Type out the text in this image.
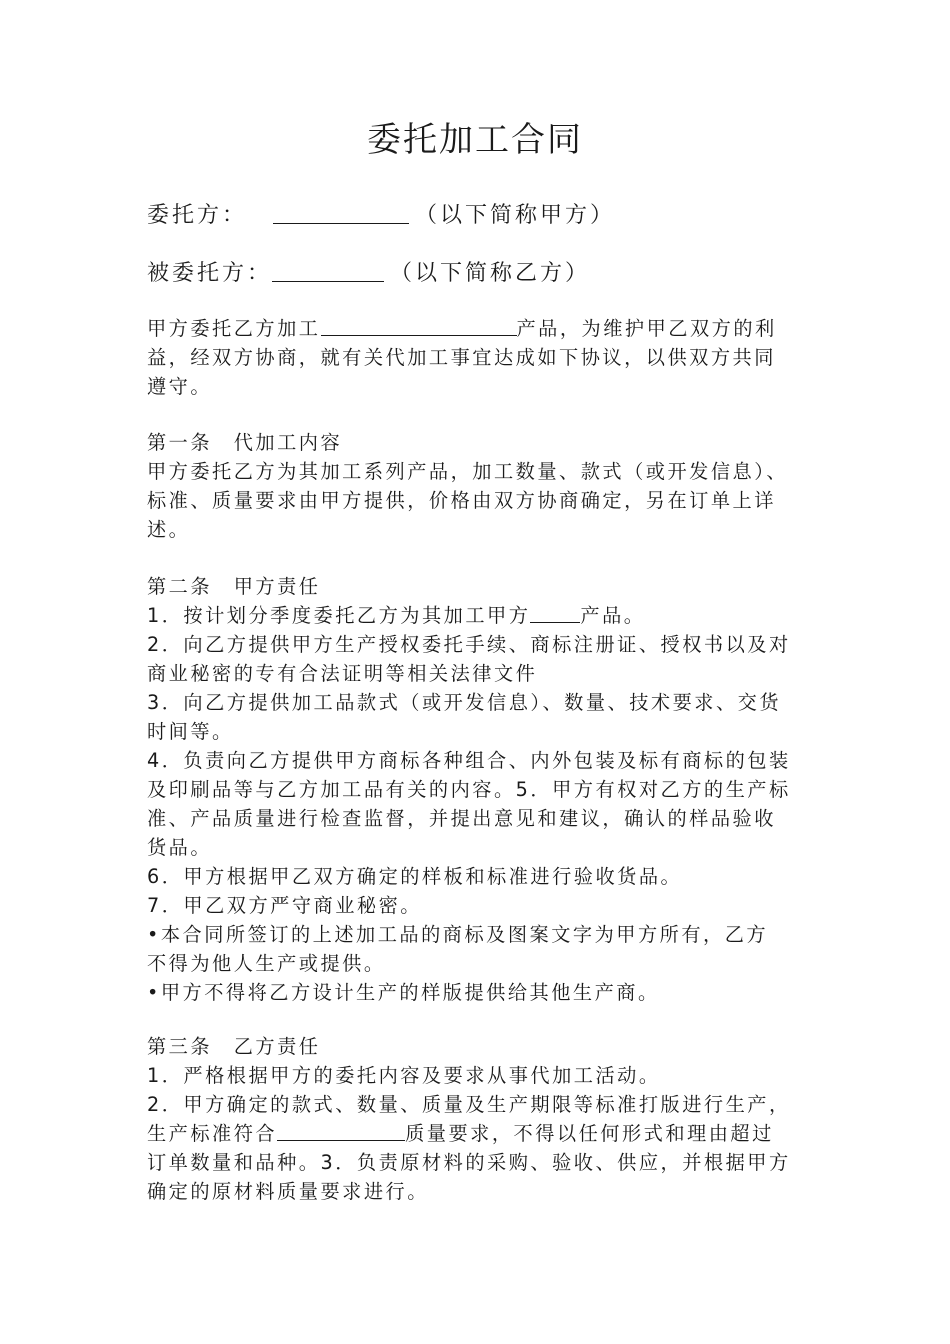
委托加工合同
委托方：	（以下简称甲方）
被委托方：	（以下简称乙方）
甲方委托乙方加工	产品，为维护甲乙双方的利
益，经双方协商，就有关代加工事宜达成如下协议，以供双方共同
遵守。
第一条　代加工内容
甲方委托乙方为其加工系列产品，加工数量、款式（或开发信息）、
标准、质量要求由甲方提供，价格由双方协商确定，另在订单上详
述。
第二条　甲方责任
1．按计划分季度委托乙方为其加工甲方	产品。
2．向乙方提供甲方生产授权委托手续、商标注册证、授权书以及对
商业秘密的专有合法证明等相关法律文件
3．向乙方提供加工品款式（或开发信息）、数量、技术要求、交货
时间等。
4．负责向乙方提供甲方商标各种组合、内外包装及标有商标的包装
及印刷品等与乙方加工品有关的内容。5．甲方有权对乙方的生产标
准、产品质量进行检查监督，并提出意见和建议，确认的样品验收
货品。
6．甲方根据甲乙双方确定的样板和标准进行验收货品。
7．甲乙双方严守商业秘密。
•本合同所签订的上述加工品的商标及图案文字为甲方所有，乙方
不得为他人生产或提供。
•甲方不得将乙方设计生产的样版提供给其他生产商。
第三条　乙方责任
1．严格根据甲方的委托内容及要求从事代加工活动。
2．甲方确定的款式、数量、质量及生产期限等标准打版进行生产，
生产标准符合	质量要求，不得以任何形式和理由超过
订单数量和品种。3．负责原材料的采购、验收、供应，并根据甲方
确定的原材料质量要求进行。
